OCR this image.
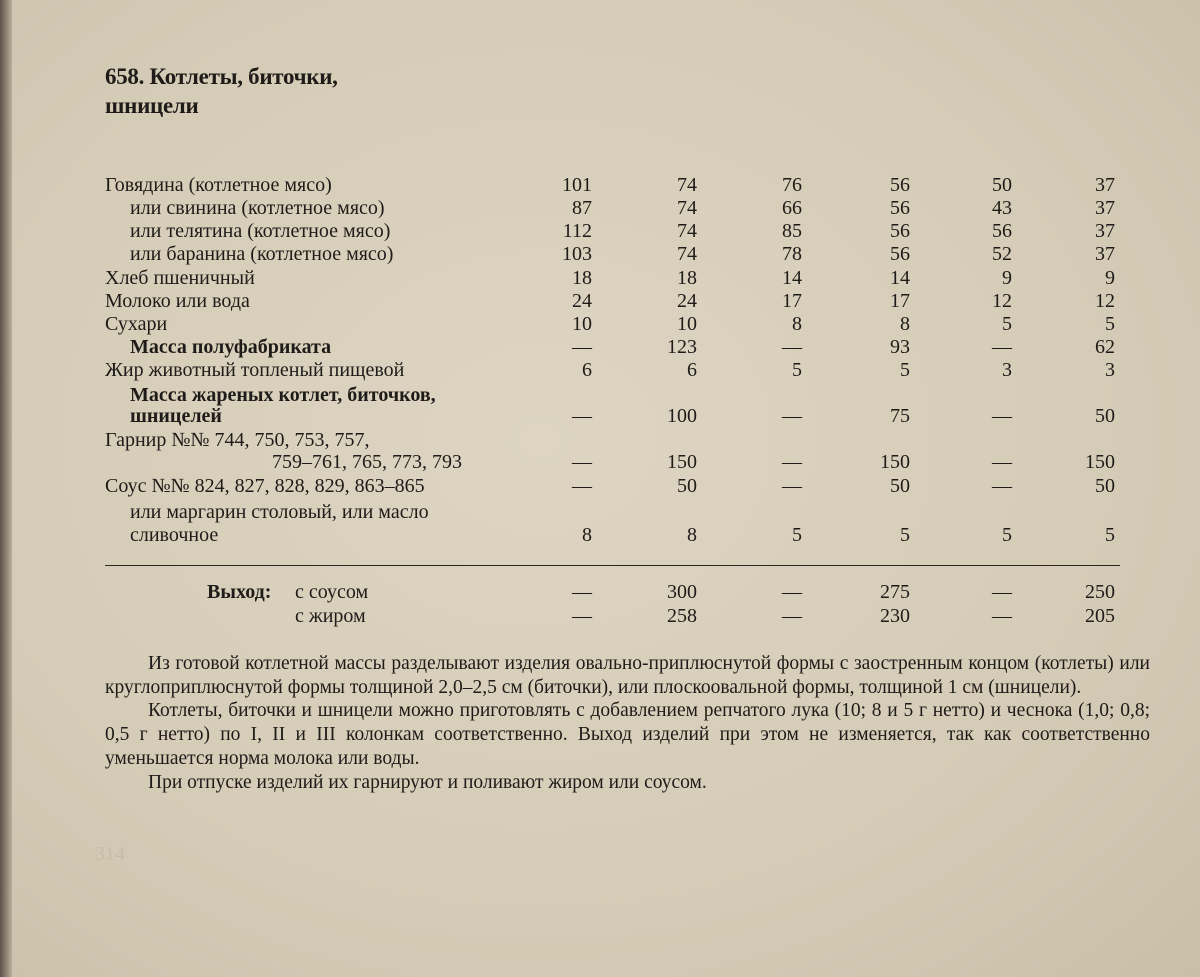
658. Котлеты, биточки,
шницели
Говядина (котлетное мясо)	101	74	76	56	50	37
или свинина (котлетное мясо)	87	74	66	56	43	37
или телятина (котлетное мясо)	112	74	85	56	56	37
или баранина (котлетное мясо)	103	74	78	56	52	37
Хлеб пшеничный	18	18	14	14	9	9
Молоко или вода	24	24	17	17	12	12
Сухари	10	10	8	8	5	5
Масса полуфабриката	—	123	—	93	—	62
Жир животный топленый пищевой	6	6	5	5	3	3
Масса жареных котлет, биточков,
шницелей	—	100	—	75	—	50
Гарнир №№ 744, 750, 753, 757,
759–761, 765, 773, 793	—	150	—	150	—	150
Соус №№ 824, 827, 828, 829, 863–865	—	50	—	50	—	50
или маргарин столовый, или масло
сливочное	8	8	5	5	5	5
Выход: с соусом	—	300	—	275	—	250
с жиром	—	258	—	230	—	205

Из готовой котлетной массы разделывают изделия овально-приплюснутой формы с заостренным концом (котлеты) или круглоприплюснутой формы толщиной 2,0–2,5 см (биточки), или плоскоовальной формы, толщиной 1 см (шницели).

Котлеты, биточки и шницели можно приготовлять с добавлением репчатого лука (10; 8 и 5 г нетто) и чеснока (1,0; 0,8; 0,5 г нетто) по I, II и III колонкам соответственно. Выход изделий при этом не изменяется, так как соответственно уменьшается норма молока или воды.

При отпуске изделий их гарнируют и поливают жиром или соусом.

314
